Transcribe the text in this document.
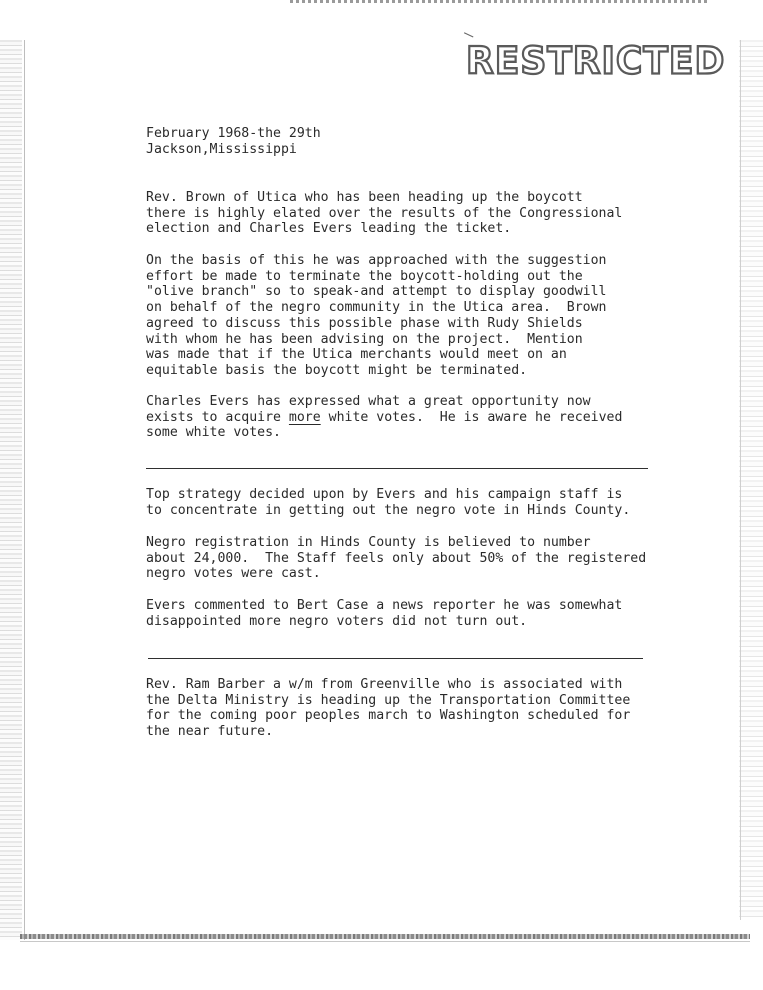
RESTRICTED
February 1968-the 29th
Jackson,Mississippi
Rev. Brown of Utica who has been heading up the boycott
there is highly elated over the results of the Congressional
election and Charles Evers leading the ticket.
On the basis of this he was approached with the suggestion
effort be made to terminate the boycott-holding out the
"olive branch" so to speak-and attempt to display goodwill
on behalf of the negro community in the Utica area.  Brown
agreed to discuss this possible phase with Rudy Shields
with whom he has been advising on the project.  Mention
was made that if the Utica merchants would meet on an
equitable basis the boycott might be terminated.
Charles Evers has expressed what a great opportunity now
exists to acquire more white votes.  He is aware he received
some white votes.
Top strategy decided upon by Evers and his campaign staff is
to concentrate in getting out the negro vote in Hinds County.
Negro registration in Hinds County is believed to number
about 24,000.  The Staff feels only about 50% of the registered
negro votes were cast.
Evers commented to Bert Case a news reporter he was somewhat
disappointed more negro voters did not turn out.
Rev. Ram Barber a w/m from Greenville who is associated with
the Delta Ministry is heading up the Transportation Committee
for the coming poor peoples march to Washington scheduled for
the near future.
